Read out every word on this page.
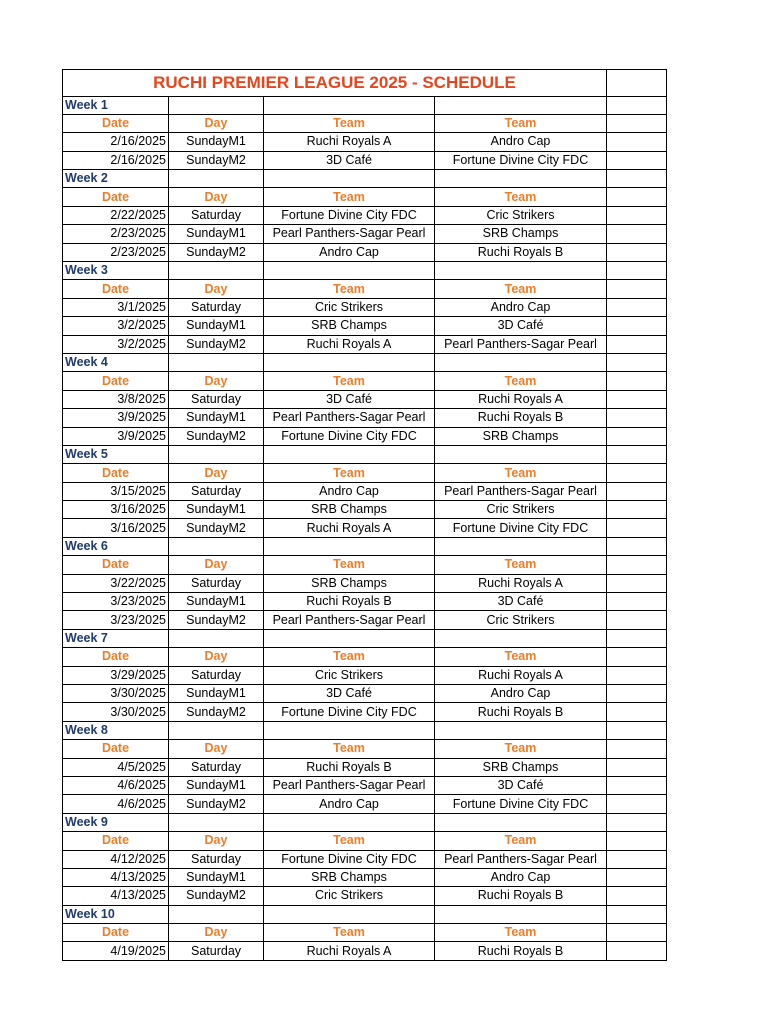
RUCHI PREMIER LEAGUE 2025 - SCHEDULE				
Week 1				
Date	Day	Team	Team	
2/16/2025	SundayM1	Ruchi Royals A	Andro Cap	
2/16/2025	SundayM2	3D Café	Fortune Divine City FDC	
Week 2				
Date	Day	Team	Team	
2/22/2025	Saturday	Fortune Divine City FDC	Cric Strikers	
2/23/2025	SundayM1	Pearl Panthers-Sagar Pearl	SRB Champs	
2/23/2025	SundayM2	Andro Cap	Ruchi Royals B	
Week 3				
Date	Day	Team	Team	
3/1/2025	Saturday	Cric Strikers	Andro Cap	
3/2/2025	SundayM1	SRB Champs	3D Café	
3/2/2025	SundayM2	Ruchi Royals A	Pearl Panthers-Sagar Pearl	
Week 4				
Date	Day	Team	Team	
3/8/2025	Saturday	3D Café	Ruchi Royals A	
3/9/2025	SundayM1	Pearl Panthers-Sagar Pearl	Ruchi Royals B	
3/9/2025	SundayM2	Fortune Divine City FDC	SRB Champs	
Week 5				
Date	Day	Team	Team	
3/15/2025	Saturday	Andro Cap	Pearl Panthers-Sagar Pearl	
3/16/2025	SundayM1	SRB Champs	Cric Strikers	
3/16/2025	SundayM2	Ruchi Royals A	Fortune Divine City FDC	
Week 6				
Date	Day	Team	Team	
3/22/2025	Saturday	SRB Champs	Ruchi Royals A	
3/23/2025	SundayM1	Ruchi Royals B	3D Café	
3/23/2025	SundayM2	Pearl Panthers-Sagar Pearl	Cric Strikers	
Week 7				
Date	Day	Team	Team	
3/29/2025	Saturday	Cric Strikers	Ruchi Royals A	
3/30/2025	SundayM1	3D Café	Andro Cap	
3/30/2025	SundayM2	Fortune Divine City FDC	Ruchi Royals B	
Week 8				
Date	Day	Team	Team	
4/5/2025	Saturday	Ruchi Royals B	SRB Champs	
4/6/2025	SundayM1	Pearl Panthers-Sagar Pearl	3D Café	
4/6/2025	SundayM2	Andro Cap	Fortune Divine City FDC	
Week 9				
Date	Day	Team	Team	
4/12/2025	Saturday	Fortune Divine City FDC	Pearl Panthers-Sagar Pearl	
4/13/2025	SundayM1	SRB Champs	Andro Cap	
4/13/2025	SundayM2	Cric Strikers	Ruchi Royals B	
Week 10				
Date	Day	Team	Team	
4/19/2025	Saturday	Ruchi Royals A	Ruchi Royals B	
